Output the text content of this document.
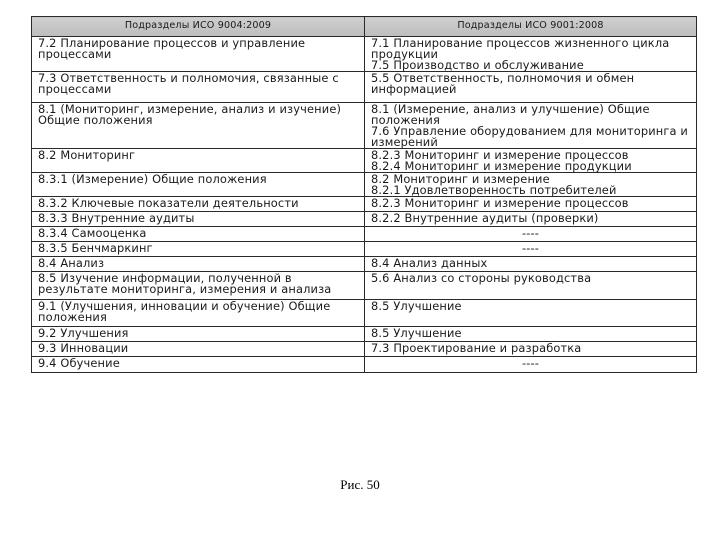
Подразделы ИСО 9004:2009	Подразделы ИСО 9001:2008

7.2 Планирование процессов и управление процессами	7.1 Планирование процессов жизненного цикла продукции
7.5 Производство и обслуживание

7.3 Ответственность и полномочия, связанные с процессами	5.5 Ответственность, полномочия и обмен информацией

8.1 (Мониторинг, измерение, анализ и изучение) Общие положения	8.1 (Измерение, анализ и улучшение) Общие положения
7.6 Управление оборудованием для мониторинга и измерений

8.2 Мониторинг	8.2.3 Мониторинг и измерение процессов
8.2.4 Мониторинг и измерение продукции

8.3.1 (Измерение) Общие положения	8.2 Мониторинг и измерение
8.2.1 Удовлетворенность потребителей

8.3.2 Ключевые показатели деятельности	8.2.3 Мониторинг и измерение процессов

8.3.3 Внутренние аудиты	8.2.2 Внутренние аудиты (проверки)

8.3.4 Самооценка	----

8.3.5 Бенчмаркинг	----

8.4 Анализ	8.4 Анализ данных

8.5 Изучение информации, полученной в результате мониторинга, измерения и анализа	5.6 Анализ со стороны руководства

9.1 (Улучшения, инновации и обучение) Общие положения	8.5 Улучшение

9.2 Улучшения	8.5 Улучшение

9.3 Инновации	7.3 Проектирование и разработка

9.4 Обучение	----
Рис. 50
